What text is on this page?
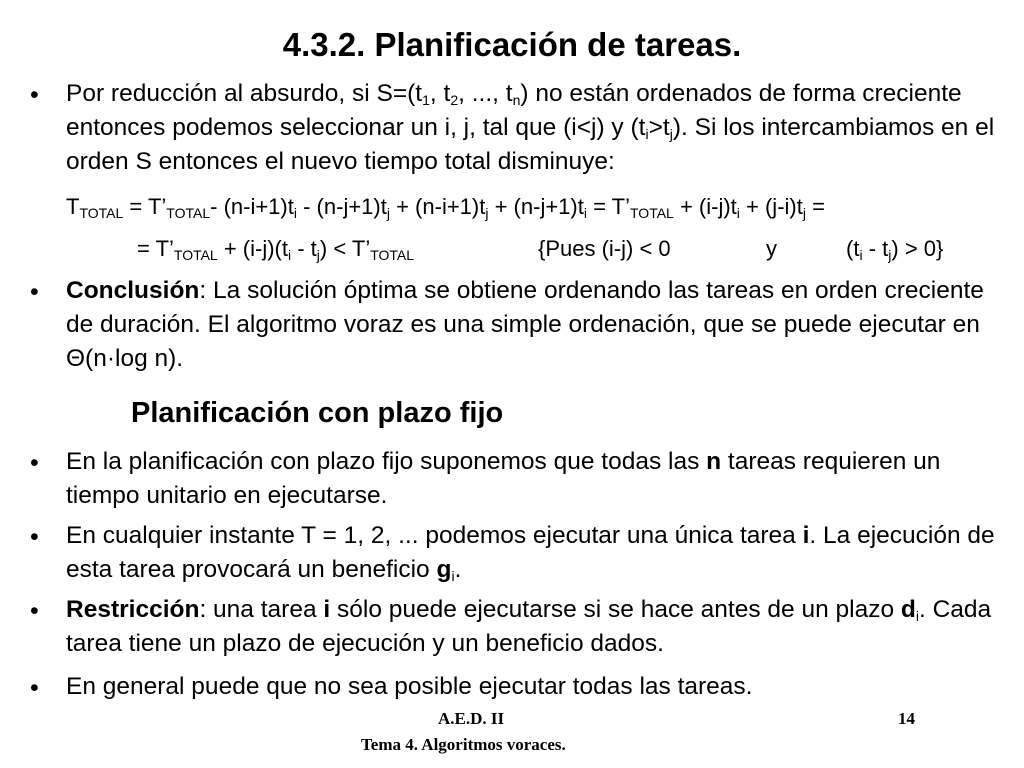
4.3.2. Planificación de tareas.
• Por reducción al absurdo, si $S=(t_1$, $t_2$, ..., $t_n$) no están ordenados de forma creciente entonces podemos seleccionar un i, j, tal que (i<j) y $(t_i>t_j)$. Si los intercambiamos en el orden S entonces el nuevo tiempo total disminuye:
$T_{TOTAL}$ = $T’_{TOTAL}-$ $(n-i+1)t_i - (n-j+1)t_j + (n-i+1)t_j + (n-j+1)t_i$ = $T’_{TOTAL} + (i-j)t_i + (j-i)t_j$ =
= $T’_{TOTAL} + (i-j)(t_i - t_j)$ < $T’_{TOTAL}$	{Pues (i-j) < 0	y	$(t_i - t_j) > 0$}
• Conclusión: La solución óptima se obtiene ordenando las tareas en orden creciente de duración. El algoritmo voraz es una simple ordenación, que se puede ejecutar en Θ(n·log n).
Planificación con plazo fijo
• En la planificación con plazo fijo suponemos que todas las n tareas requieren un tiempo unitario en ejecutarse.
• En cualquier instante T = 1, 2, ... podemos ejecutar una única tarea i. La ejecución de esta tarea provocará un beneficio $g_i$.
• Restricción: una tarea i sólo puede ejecutarse si se hace antes de un plazo $d_i$. Cada tarea tiene un plazo de ejecución y un beneficio dados.
• En general puede que no sea posible ejecutar todas las tareas.
A.E.D. II	14
Tema 4. Algoritmos voraces.
